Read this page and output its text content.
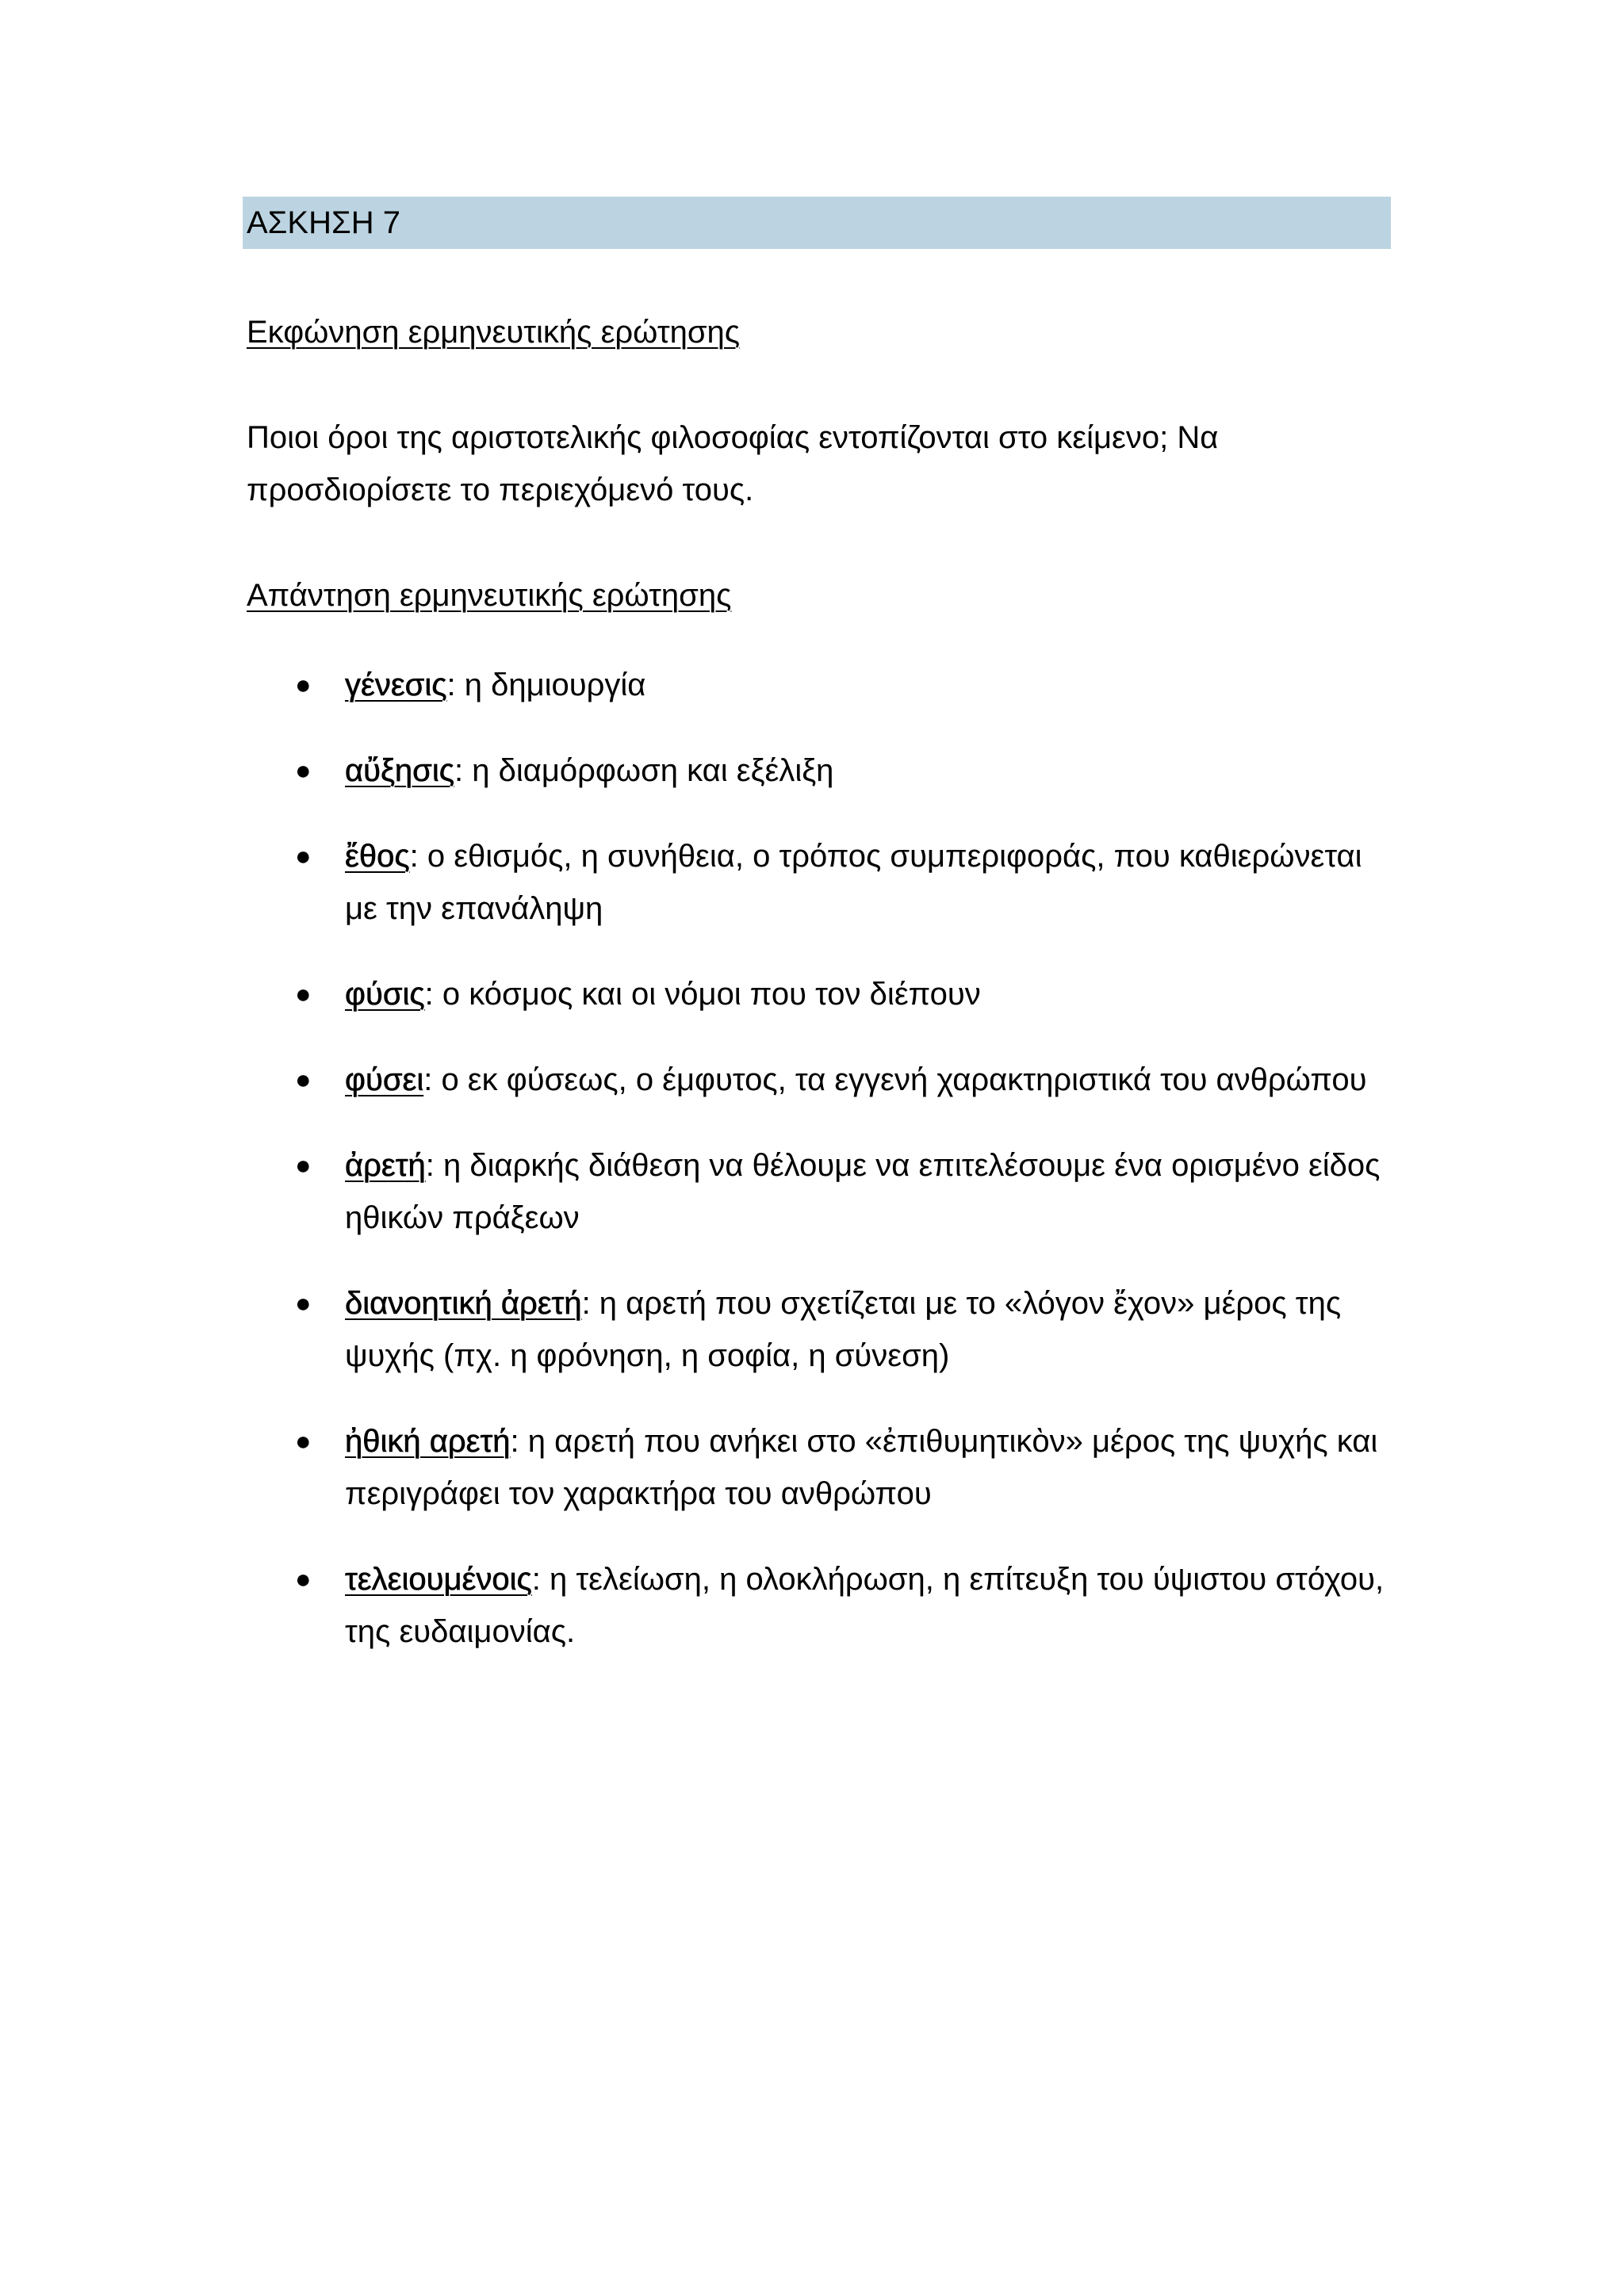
ΑΣΚΗΣΗ 7
Εκφώνηση ερμηνευτικής ερώτησης

Ποιοι όροι της αριστοτελικής φιλοσοφίας εντοπίζονται στο κείμενο; Να προσδιορίσετε το περιεχόμενό τους.

Απάντηση ερμηνευτικής ερώτησης
● γένεσις: η δημιουργία
● αὔξησις: η διαμόρφωση και εξέλιξη
● ἔθος: ο εθισμός, η συνήθεια, ο τρόπος συμπεριφοράς, που καθιερώνεται με την επανάληψη
● φύσις: ο κόσμος και οι νόμοι που τον διέπουν
● φύσει: ο εκ φύσεως, ο έμφυτος, τα εγγενή χαρακτηριστικά του ανθρώπου
● ἀρετή: η διαρκής διάθεση να θέλουμε να επιτελέσουμε ένα ορισμένο είδος ηθικών πράξεων
● διανοητική ἀρετή: η αρετή που σχετίζεται με το «λόγον ἔχον» μέρος της ψυχής (πχ. η φρόνηση, η σοφία, η σύνεση)
● ἠθική αρετή: η αρετή που ανήκει στο «ἐπιθυμητικὸν» μέρος της ψυχής και περιγράφει τον χαρακτήρα του ανθρώπου
● τελειουμένοις: η τελείωση, η ολοκλήρωση, η επίτευξη του ύψιστου στόχου, της ευδαιμονίας.
